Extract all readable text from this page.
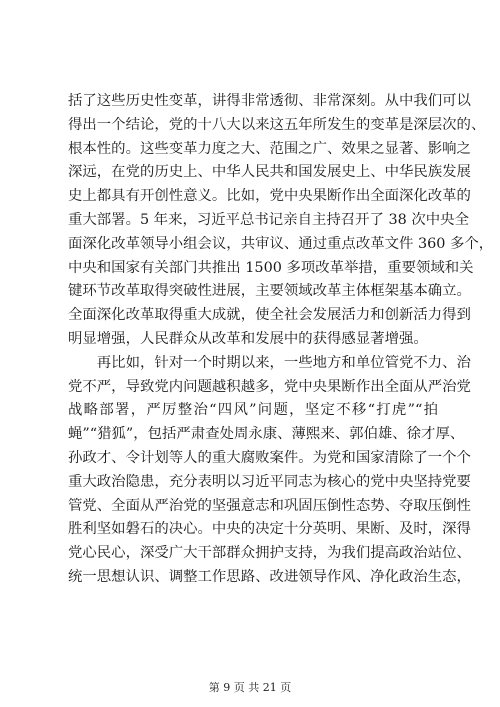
括了这些历史性变革，讲得非常透彻、非常深刻。从中我们可以
得出一个结论，党的十八大以来这五年所发生的变革是深层次的、
根本性的。这些变革力度之大、范围之广、效果之显著、影响之
深远，在党的历史上、中华人民共和国发展史上、中华民族发展
史上都具有开创性意义。比如，党中央果断作出全面深化改革的
重大部署。5 年来，习近平总书记亲自主持召开了 38 次中央全
面深化改革领导小组会议，共审议、通过重点改革文件 360 多个，
中央和国家有关部门共推出 1500 多项改革举措，重要领域和关
键环节改革取得突破性进展，主要领域改革主体框架基本确立。
全面深化改革取得重大成就，使全社会发展活力和创新活力得到
明显增强，人民群众从改革和发展中的获得感显著增强。
　　再比如，针对一个时期以来，一些地方和单位管党不力、治
党不严，导致党内问题越积越多，党中央果断作出全面从严治党
战略部署，严厉整治“四风”问题，坚定不移“打虎”“拍
蝇”“猎狐”，包括严肃查处周永康、薄熙来、郭伯雄、徐才厚、
孙政才、令计划等人的重大腐败案件。为党和国家清除了一个个
重大政治隐患，充分表明以习近平同志为核心的党中央坚持党要
管党、全面从严治党的坚强意志和巩固压倒性态势、夺取压倒性
胜利坚如磐石的决心。中央的决定十分英明、果断、及时，深得
党心民心，深受广大干部群众拥护支持，为我们提高政治站位、
统一思想认识、调整工作思路、改进领导作风、净化政治生态，
第 9 页 共 21 页
